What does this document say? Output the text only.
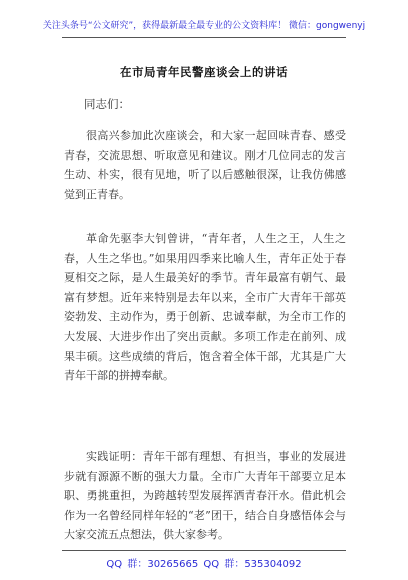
关注头条号“公文研究”，获得最新最全最专业的公文资料库！ 微信：gongwenyj
在市局青年民警座谈会上的讲话
同志们：

很高兴参加此次座谈会，和大家一起回味青春、感受青春，交流思想、听取意见和建议。刚才几位同志的发言生动、朴实，很有见地，听了以后感触很深，让我仿佛感觉到正青春。

革命先驱李大钊曾讲，“青年者，人生之王，人生之春，人生之华也。”如果用四季来比喻人生，青年正处于春夏相交之际，是人生最美好的季节。青年最富有朝气、最富有梦想。近年来特别是去年以来，全市广大青年干部英姿勃发、主动作为，勇于创新、忠诚奉献，为全市工作的大发展、大进步作出了突出贡献。多项工作走在前列、成果丰硕。这些成绩的背后，饱含着全体干部，尤其是广大青年干部的拼搏奉献。

实践证明：青年干部有理想、有担当，事业的发展进步就有源源不断的强大力量。全市广大青年干部要立足本职、勇挑重担，为跨越转型发展挥洒青春汗水。借此机会作为一名曾经同样年轻的“老”团干，结合自身感悟体会与大家交流五点想法，供大家参考。

QQ 群：30265665 QQ 群：535304092
